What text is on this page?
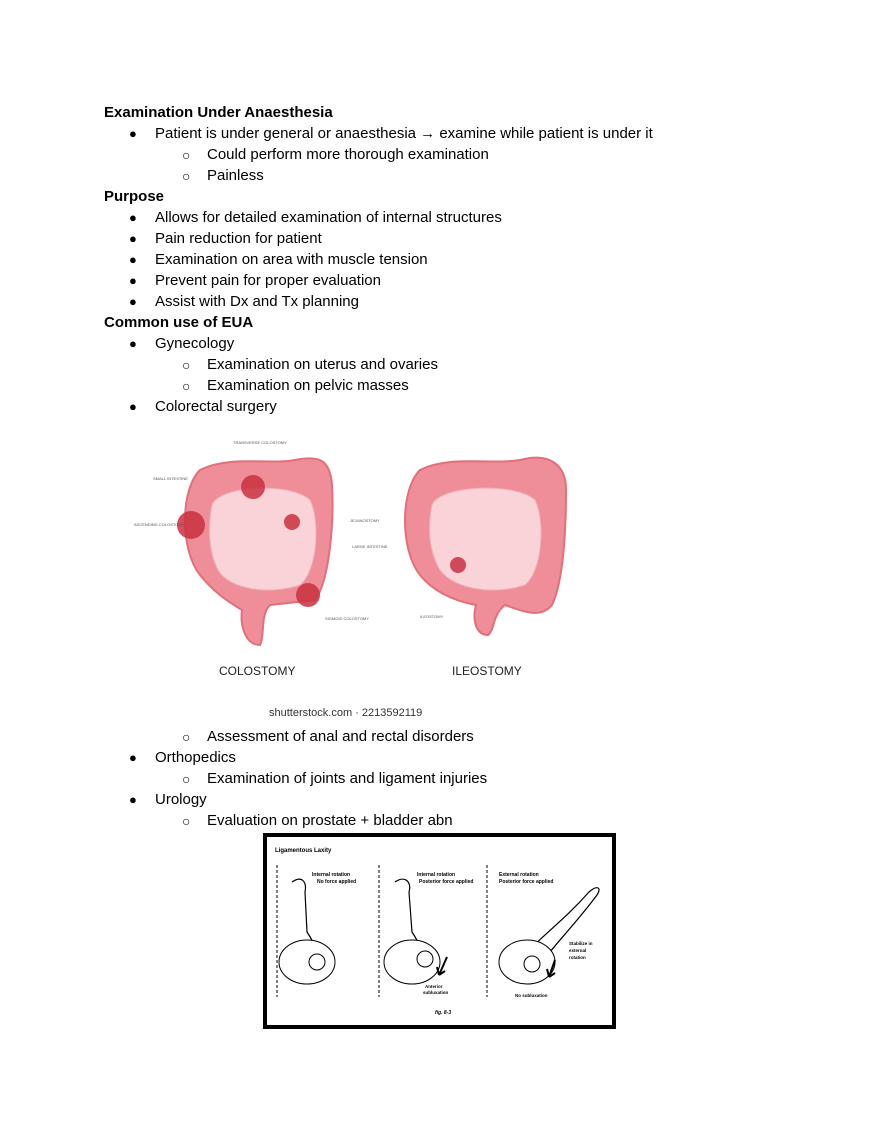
Examination Under Anaesthesia
● Patient is under general or anaesthesia → examine while patient is under it
○ Could perform more thorough examination
○ Painless
Purpose
● Allows for detailed examination of internal structures
● Pain reduction for patient
● Examination on area with muscle tension
● Prevent pain for proper evaluation
● Assist with Dx and Tx planning
Common use of EUA
● Gynecology
○ Examination on uterus and ovaries
○ Examination on pelvic masses
● Colorectal surgery
TRANSVERSE COLOSTOMY
SMALL INTESTINE
ASCENDING COLOSTOMY
JEJUNOSTOMY
LARGE INTESTINE
SIGMOID COLOSTOMY
COLOSTOMY
ILEOSTOMY
ILEOSTOMY
shutterstock.com · 2213592119
○ Assessment of anal and rectal disorders
● Orthopedics
○ Examination of joints and ligament injuries
● Urology
○ Evaluation on prostate + bladder abn
Ligamentous Laxity
Internal rotation
No force applied
Internal rotation
Posterior force applied
Anterior
subluxation
External rotation
Posterior force applied
Stabilize in
external
rotation
No subluxation
fig. 8-3
